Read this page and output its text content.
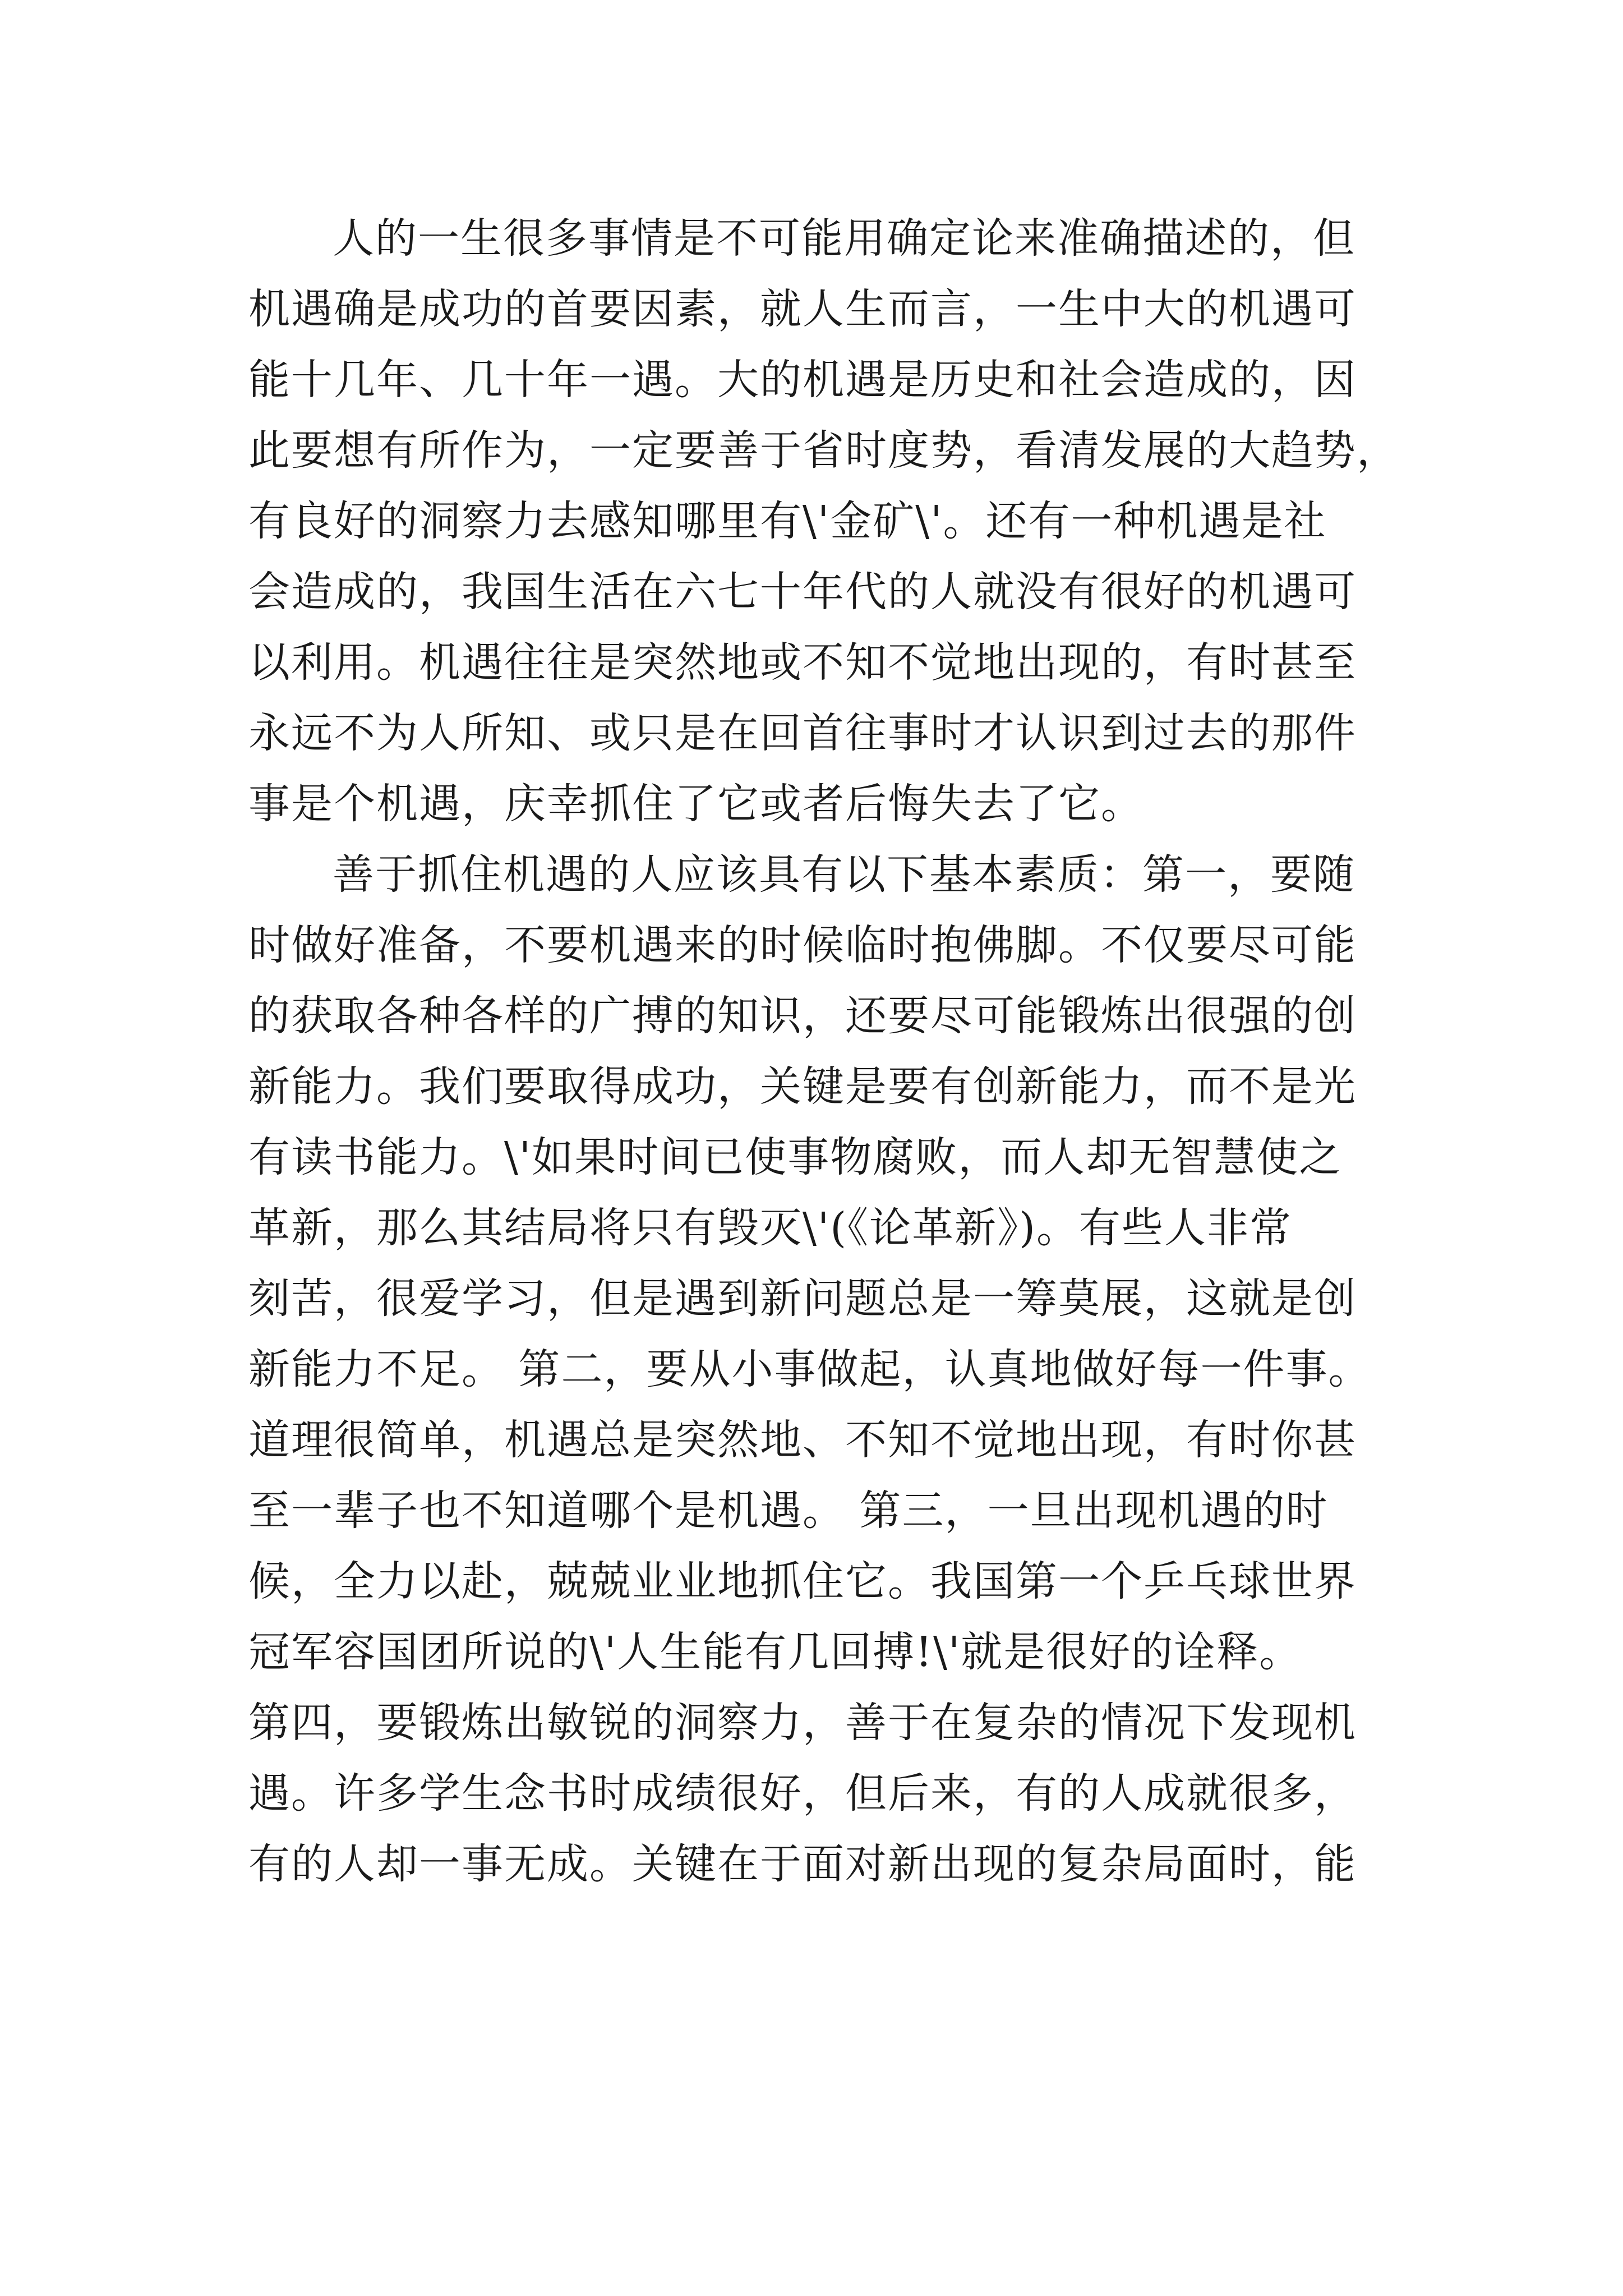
人的一生很多事情是不可能用确定论来准确描述的，但
机遇确是成功的首要因素，就人生而言，一生中大的机遇可
能十几年、几十年一遇。大的机遇是历史和社会造成的，因
此要想有所作为，一定要善于省时度势，看清发展的大趋势，
有良好的洞察力去感知哪里有\'金矿\'。还有一种机遇是社
会造成的，我国生活在六七十年代的人就没有很好的机遇可
以利用。机遇往往是突然地或不知不觉地出现的，有时甚至
永远不为人所知、或只是在回首往事时才认识到过去的那件
事是个机遇，庆幸抓住了它或者后悔失去了它。
善于抓住机遇的人应该具有以下基本素质：第一，要随
时做好准备，不要机遇来的时候临时抱佛脚。不仅要尽可能
的获取各种各样的广搏的知识，还要尽可能锻炼出很强的创
新能力。我们要取得成功，关键是要有创新能力，而不是光
有读书能力。\'如果时间已使事物腐败，而人却无智慧使之
革新，那么其结局将只有毁灭\'(《论革新》)。有些人非常
刻苦，很爱学习，但是遇到新问题总是一筹莫展，这就是创
新能力不足。 第二，要从小事做起，认真地做好每一件事。
道理很简单，机遇总是突然地、不知不觉地出现，有时你甚
至一辈子也不知道哪个是机遇。 第三，一旦出现机遇的时
候，全力以赴，兢兢业业地抓住它。我国第一个乒乓球世界
冠军容国团所说的\'人生能有几回搏!\'就是很好的诠释。
第四，要锻炼出敏锐的洞察力，善于在复杂的情况下发现机
遇。许多学生念书时成绩很好，但后来，有的人成就很多，
有的人却一事无成。关键在于面对新出现的复杂局面时，能
